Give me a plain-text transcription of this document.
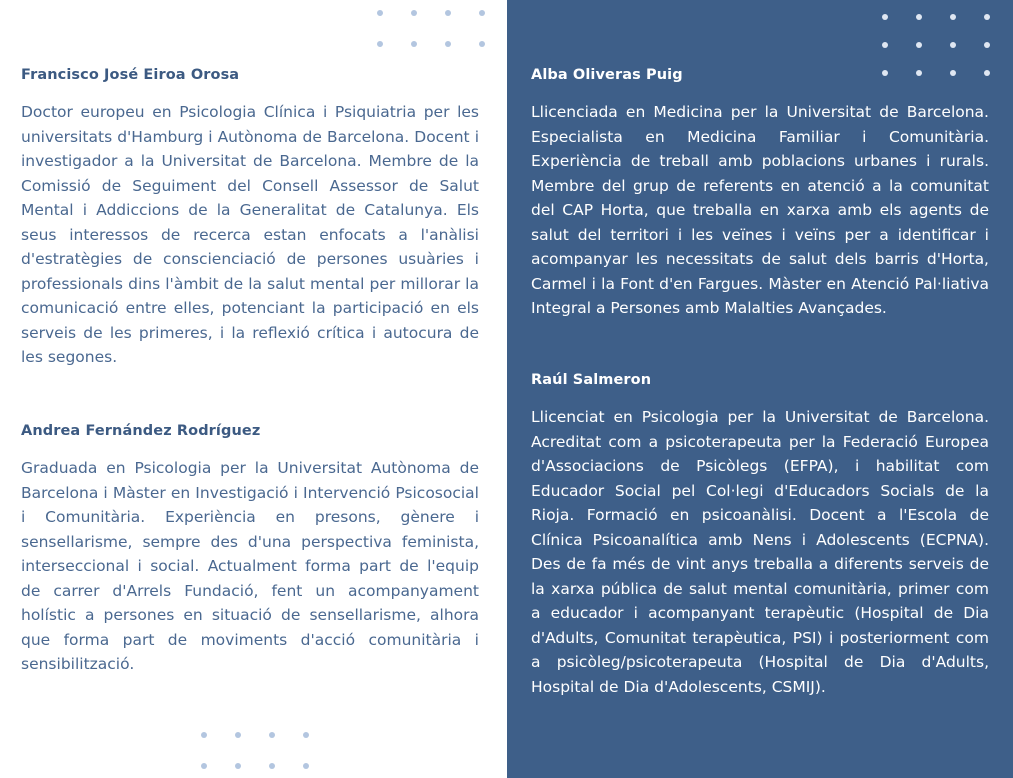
Francisco José Eiroa Orosa

Doctor europeu en Psicologia Clínica i Psiquiatria per les universitats d'Hamburg i Autònoma de Barcelona. Docent i investigador a la Universitat de Barcelona. Membre de la Comissió de Seguiment del Consell Assessor de Salut Mental i Addiccions de la Generalitat de Catalunya. Els seus interessos de recerca estan enfocats a l'anàlisi d'estratègies de conscienciació de persones usuàries i professionals dins l'àmbit de la salut mental per millorar la comunicació entre elles, potenciant la participació en els serveis de les primeres, i la reflexió crítica i autocura de les segones.

Andrea Fernández Rodríguez

Graduada en Psicologia per la Universitat Autònoma de Barcelona i Màster en Investigació i Intervenció Psicosocial i Comunitària. Experiència en presons, gènere i sensellarisme, sempre des d'una perspectiva feminista, interseccional i social. Actualment forma part de l'equip de carrer d'Arrels Fundació, fent un acompanyament holístic a persones en situació de sensellarisme, alhora que forma part de moviments d'acció comunitària i sensibilització.

Alba Oliveras Puig

Llicenciada en Medicina per la Universitat de Barcelona. Especialista en Medicina Familiar i Comunitària. Experiència de treball amb poblacions urbanes i rurals. Membre del grup de referents en atenció a la comunitat del CAP Horta, que treballa en xarxa amb els agents de salut del territori i les veïnes i veïns per a identificar i acompanyar les necessitats de salut dels barris d'Horta, Carmel i la Font d'en Fargues. Màster en Atenció Pal·liativa Integral a Persones amb Malalties Avançades.

Raúl Salmeron

Llicenciat en Psicologia per la Universitat de Barcelona. Acreditat com a psicoterapeuta per la Federació Europea d'Associacions de Psicòlegs (EFPA), i habilitat com Educador Social pel Col·legi d'Educadors Socials de la Rioja. Formació en psicoanàlisi. Docent a l'Escola de Clínica Psicoanalítica amb Nens i Adolescents (ECPNA). Des de fa més de vint anys treballa a diferents serveis de la xarxa pública de salut mental comunitària, primer com a educador i acompanyant terapèutic (Hospital de Dia d'Adults, Comunitat terapèutica, PSI) i posteriorment com a psicòleg/psicoterapeuta (Hospital de Dia d'Adults, Hospital de Dia d'Adolescents, CSMIJ).
